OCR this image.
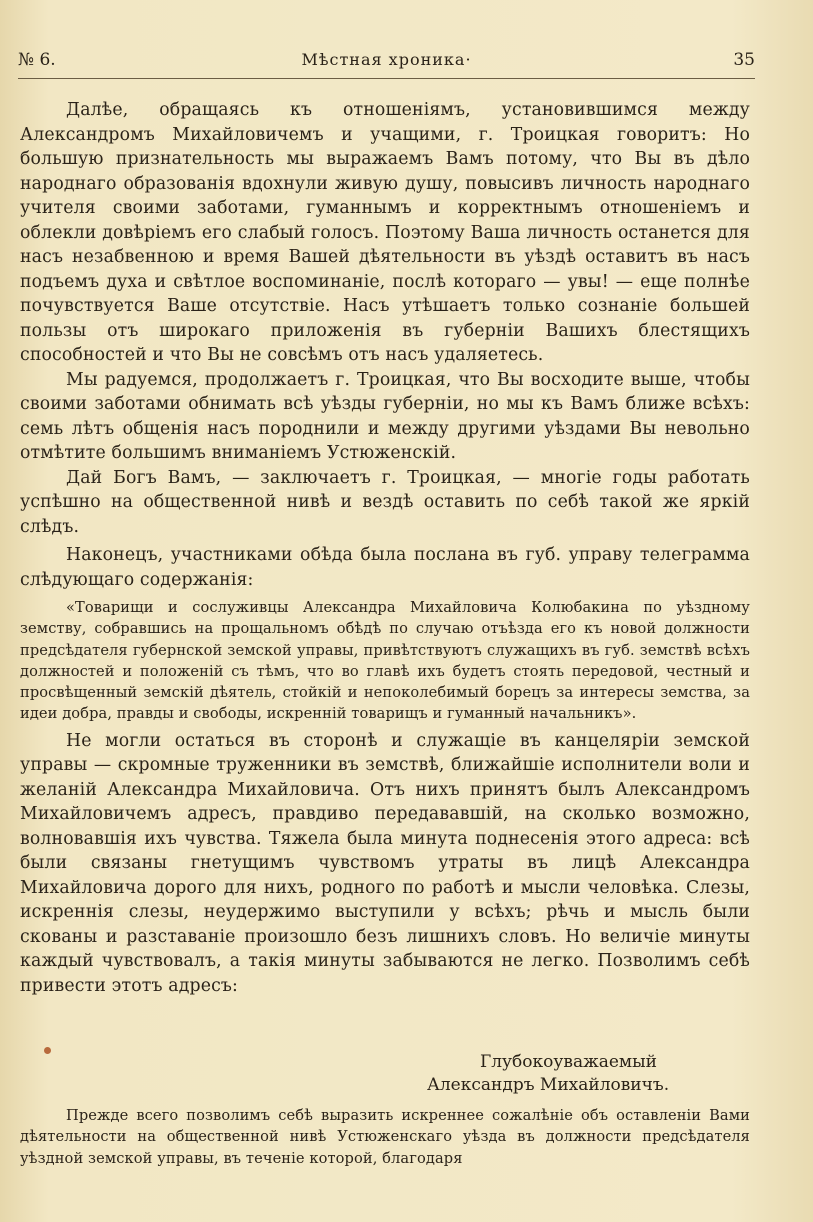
№ 6.	Мѣстная хроника·	35

Далѣе, обращаясь къ отношеніямъ, установившимся между Александромъ Михайловичемъ и учащими, г. Троицкая говоритъ: Но большую признательность мы выражаемъ Вамъ потому, что Вы въ дѣло народнаго образованія вдохнули живую душу, повысивъ личность народнаго учителя своими заботами, гуманнымъ и корректнымъ отношеніемъ и облекли довѣріемъ его слабый голосъ. Поэтому Ваша личность останется для насъ незабвенною и время Вашей дѣятельности въ уѣздѣ оставитъ въ насъ подъемъ духа и свѣтлое воспоминаніе, послѣ котораго — увы! — еще полнѣе почувствуется Ваше отсутствіе. Насъ утѣшаетъ только сознаніе большей пользы отъ широкаго приложенія въ губерніи Вашихъ блестящихъ способностей и что Вы не совсѣмъ отъ насъ удаляетесь.

Мы радуемся, продолжаетъ г. Троицкая, что Вы восходите выше, чтобы своими заботами обнимать всѣ уѣзды губерніи, но мы къ Вамъ ближе всѣхъ: семь лѣтъ общенія насъ породнили и между другими уѣздами Вы невольно отмѣтите большимъ вниманіемъ Устюженскій.

Дай Богъ Вамъ, — заключаетъ г. Троицкая, — многіе годы работать успѣшно на общественной нивѣ и вездѣ оставить по себѣ такой же яркій слѣдъ.

Наконецъ, участниками обѣда была послана въ губ. управу телеграмма слѣдующаго содержанія:

«Товарищи и сослуживцы Александра Михайловича Колюбакина по уѣздному земству, собравшись на прощальномъ обѣдѣ по случаю отъѣзда его къ новой должности предсѣдателя губернской земской управы, привѣтствуютъ служащихъ въ губ. земствѣ всѣхъ должностей и положеній съ тѣмъ, что во главѣ ихъ будетъ стоять передовой, честный и просвѣщенный земскій дѣятель, стойкій и непоколебимый борецъ за интересы земства, за идеи добра, правды и свободы, искренній товарищъ и гуманный начальникъ».

Не могли остаться въ сторонѣ и служащіе въ канцеляріи земской управы — скромные труженники въ земствѣ, ближайшіе исполнители воли и желаній Александра Михайловича. Отъ нихъ принятъ былъ Александромъ Михайловичемъ адресъ, правдиво передававшій, на сколько возможно, волновавшія ихъ чувства. Тяжела была минута поднесенія этого адреса: всѣ были связаны гнетущимъ чувствомъ утраты въ лицѣ Александра Михайловича дорого для нихъ, родного по работѣ и мысли человѣка. Слезы, искреннія слезы, неудержимо выступили у всѣхъ; рѣчь и мысль были скованы и разставаніе произошло безъ лишнихъ словъ. Но величіе минуты каждый чувствовалъ, а такія минуты забываются не легко. Позволимъ себѣ привести этотъ адресъ:

Глубокоуважаемый
Александръ Михайловичъ.

Прежде всего позволимъ себѣ выразить искреннее сожалѣніе объ оставленіи Вами дѣятельности на общественной нивѣ Устюженскаго уѣзда въ должности предсѣдателя уѣздной земской управы, въ теченіе которой, благодаря
